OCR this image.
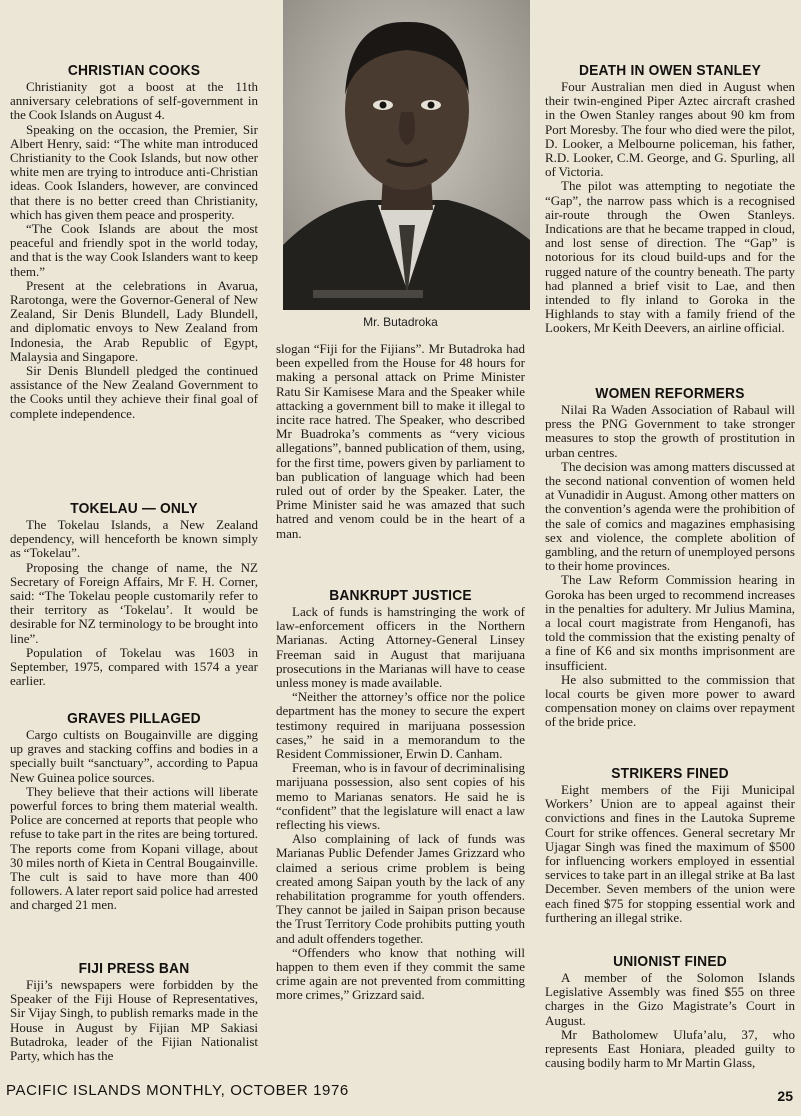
CHRISTIAN COOKS

Christianity got a boost at the 11th anniversary celebrations of self-government in the Cook Islands on August 4.

Speaking on the occasion, the Premier, Sir Albert Henry, said: “The white man introduced Christianity to the Cook Islands, but now other white men are trying to introduce anti-Christian ideas. Cook Islanders, however, are convinced that there is no better creed than Christianity, which has given them peace and prosperity.

“The Cook Islands are about the most peaceful and friendly spot in the world today, and that is the way Cook Islanders want to keep them.”

Present at the celebrations in Avarua, Rarotonga, were the Governor-General of New Zealand, Sir Denis Blundell, Lady Blundell, and diplomatic envoys to New Zealand from Indonesia, the Arab Republic of Egypt, Malaysia and Singapore.

Sir Denis Blundell pledged the continued assistance of the New Zealand Government to the Cooks until they achieve their final goal of complete independence.

TOKELAU — ONLY

The Tokelau Islands, a New Zealand dependency, will henceforth be known simply as “Tokelau”.

Proposing the change of name, the NZ Secretary of Foreign Affairs, Mr F. H. Corner, said: “The Tokelau people customarily refer to their territory as ‘Tokelau’. It would be desirable for NZ terminology to be brought into line”.

Population of Tokelau was 1603 in September, 1975, compared with 1574 a year earlier.

GRAVES PILLAGED

Cargo cultists on Bougainville are digging up graves and stacking coffins and bodies in a specially built “sanctuary”, according to Papua New Guinea police sources.

They believe that their actions will liberate powerful forces to bring them material wealth. Police are concerned at reports that people who refuse to take part in the rites are being tortured. The reports come from Kopani village, about 30 miles north of Kieta in Central Bougainville. The cult is said to have more than 400 followers. A later report said police had arrested and charged 21 men.

FIJI PRESS BAN

Fiji’s newspapers were forbidden by the Speaker of the Fiji House of Representatives, Sir Vijay Singh, to publish remarks made in the House in August by Fijian MP Sakiasi Butadroka, leader of the Fijian Nationalist Party, which has the

Mr. Butadroka

slogan “Fiji for the Fijians”. Mr Butadroka had been expelled from the House for 48 hours for making a personal attack on Prime Minister Ratu Sir Kamisese Mara and the Speaker while attacking a government bill to make it illegal to incite race hatred. The Speaker, who described Mr Buadroka’s comments as “very vicious allegations”, banned publication of them, using, for the first time, powers given by parliament to ban publication of language which had been ruled out of order by the Speaker. Later, the Prime Minister said he was amazed that such hatred and venom could be in the heart of a man.

BANKRUPT JUSTICE

Lack of funds is hamstringing the work of law-enforcement officers in the Northern Marianas. Acting Attorney-General Linsey Freeman said in August that marijuana prosecutions in the Marianas will have to cease unless money is made available.

“Neither the attorney’s office nor the police department has the money to secure the expert testimony required in marijuana possession cases,” he said in a memorandum to the Resident Commissioner, Erwin D. Canham.

Freeman, who is in favour of decriminalising marijuana possession, also sent copies of his memo to Marianas senators. He said he is “confident” that the legislature will enact a law reflecting his views.

Also complaining of lack of funds was Marianas Public Defender James Grizzard who claimed a serious crime problem is being created among Saipan youth by the lack of any rehabilitation programme for youth offenders. They cannot be jailed in Saipan prison because the Trust Territory Code prohibits putting youth and adult offenders together.

“Offenders who know that nothing will happen to them even if they commit the same crime again are not prevented from committing more crimes,” Grizzard said.

DEATH IN OWEN STANLEY

Four Australian men died in August when their twin-engined Piper Aztec aircraft crashed in the Owen Stanley ranges about 90 km from Port Moresby. The four who died were the pilot, D. Looker, a Melbourne policeman, his father, R.D. Looker, C.M. George, and G. Spurling, all of Victoria.

The pilot was attempting to negotiate the “Gap”, the narrow pass which is a recognised air-route through the Owen Stanleys. Indications are that he became trapped in cloud, and lost sense of direction. The “Gap” is notorious for its cloud build-ups and for the rugged nature of the country beneath. The party had planned a brief visit to Lae, and then intended to fly inland to Goroka in the Highlands to stay with a family friend of the Lookers, Mr Keith Deevers, an airline official.

WOMEN REFORMERS

Nilai Ra Waden Association of Rabaul will press the PNG Government to take stronger measures to stop the growth of prostitution in urban centres.

The decision was among matters discussed at the second national convention of women held at Vunadidir in August. Among other matters on the convention’s agenda were the prohibition of the sale of comics and magazines emphasising sex and violence, the complete abolition of gambling, and the return of unemployed persons to their home provinces.

The Law Reform Commission hearing in Goroka has been urged to recommend increases in the penalties for adultery. Mr Julius Mamina, a local court magistrate from Henganofi, has told the commission that the existing penalty of a fine of K6 and six months imprisonment are insufficient.

He also submitted to the commission that local courts be given more power to award compensation money on claims over repayment of the bride price.

STRIKERS FINED

Eight members of the Fiji Municipal Workers’ Union are to appeal against their convictions and fines in the Lautoka Supreme Court for strike offences. General secretary Mr Ujagar Singh was fined the maximum of $500 for influencing workers employed in essential services to take part in an illegal strike at Ba last December. Seven members of the union were each fined $75 for stopping essential work and furthering an illegal strike.

UNIONIST FINED

A member of the Solomon Islands Legislative Assembly was fined $55 on three charges in the Gizo Magistrate’s Court in August.

Mr Batholomew Ulufa’alu, 37, who represents East Honiara, pleaded guilty to causing bodily harm to Mr Martin Glass,

PACIFIC ISLANDS MONTHLY, OCTOBER 1976	25
